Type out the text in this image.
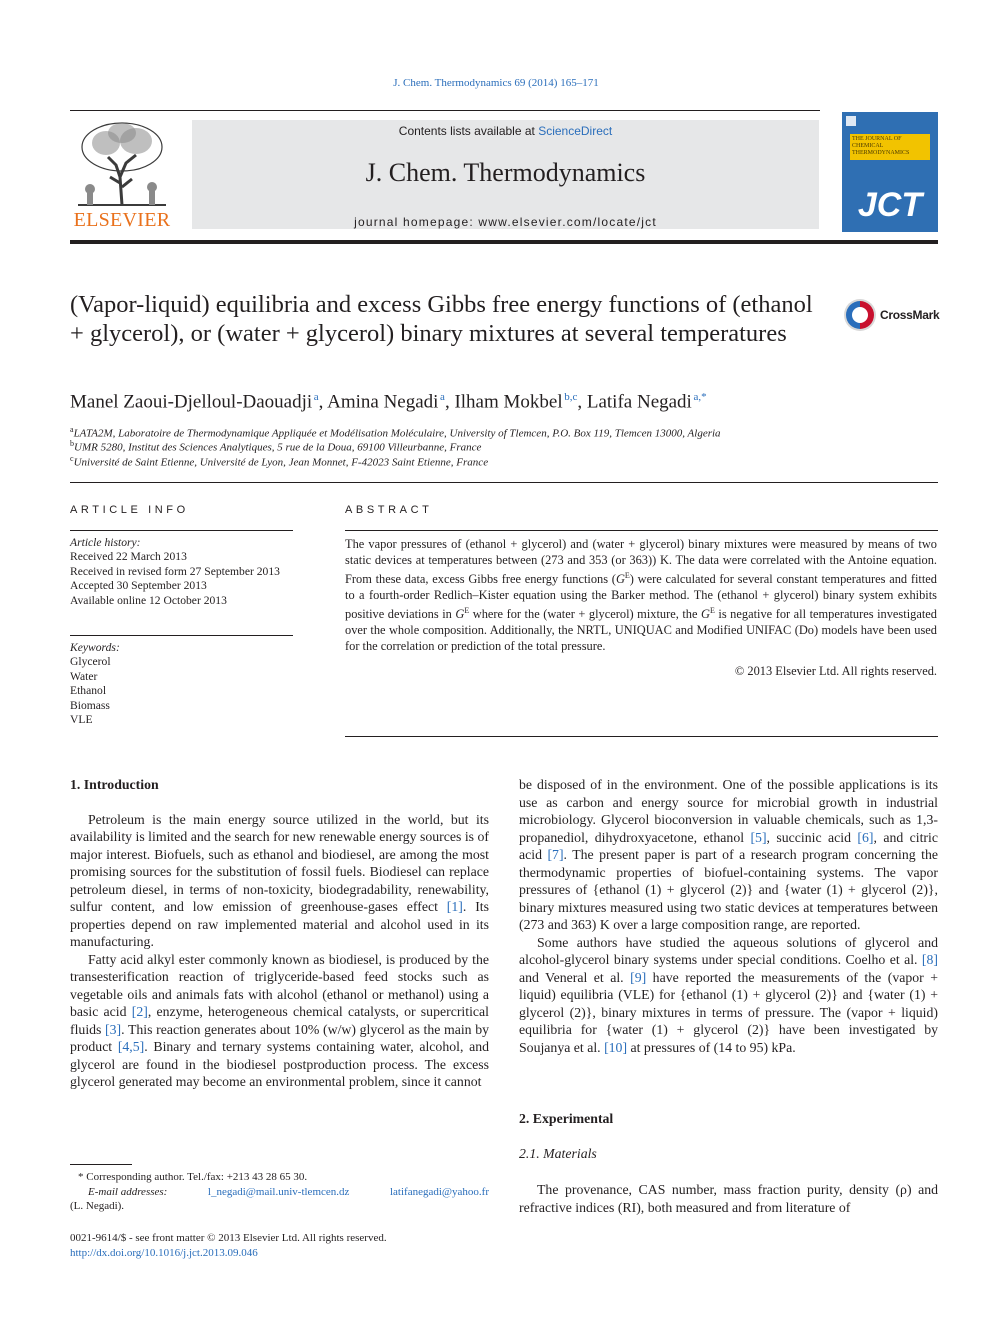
J. Chem. Thermodynamics 69 (2014) 165–171
ELSEVIER
Contents lists available at ScienceDirect
J. Chem. Thermodynamics
journal homepage: www.elsevier.com/locate/jct
THE JOURNAL OF CHEMICAL THERMODYNAMICS
JCT
(Vapor-liquid) equilibria and excess Gibbs free energy functions of (ethanol + glycerol), or (water + glycerol) binary mixtures at several temperatures
CrossMark
Manel Zaoui-Djelloul-Daouadji  $^a$, Amina Negadi  $^a$, Ilham Mokbel  $^{b,c}$, Latifa Negadi  $^{a,*}$
$^a$LATA2M, Laboratoire de Thermodynamique Appliquée et Modélisation Moléculaire, University of Tlemcen, P.O. Box 119, Tlemcen 13000, Algeria
$^b$UMR 5280, Institut des Sciences Analytiques, 5 rue de la Doua, 69100 Villeurbanne, France
$^c$Université de Saint Etienne, Université de Lyon, Jean Monnet, F-42023 Saint Etienne, France
ARTICLE INFO
Article history:
Received 22 March 2013
Received in revised form 27 September 2013
Accepted 30 September 2013
Available online 12 October 2013
Keywords:
Glycerol
Water
Ethanol
Biomass
VLE
ABSTRACT
The vapor pressures of (ethanol + glycerol) and (water + glycerol) binary mixtures were measured by means of two static devices at temperatures between (273 and 353 (or 363)) K. The data were correlated with the Antoine equation. From these data, excess Gibbs free energy functions $(G^E)$ were calculated for several constant temperatures and fitted to a fourth-order Redlich–Kister equation using the Barker method. The (ethanol + glycerol) binary system exhibits positive deviations in $G^E$ where for the (water + glycerol) mixture, the $G^E$ is negative for all temperatures investigated over the whole composition. Additionally, the NRTL, UNIQUAC and Modified UNIFAC (Do) models have been used for the correlation or prediction of the total pressure.
© 2013 Elsevier Ltd. All rights reserved.
1. Introduction

Petroleum is the main energy source utilized in the world, but its availability is limited and the search for new renewable energy sources is of major interest. Biofuels, such as ethanol and biodiesel, are among the most promising sources for the substitution of fossil fuels. Biodiesel can replace petroleum diesel, in terms of non-toxicity, biodegradability, renewability, sulfur content, and low emission of greenhouse-gases effect [1]. Its properties depend on raw implemented material and alcohol used in its manufacturing.

Fatty acid alkyl ester commonly known as biodiesel, is produced by the transesterification reaction of triglyceride-based feed stocks such as vegetable oils and animals fats with alcohol (ethanol or methanol) using a basic acid [2], enzyme, heterogeneous chemical catalysts, or supercritical fluids [3]. This reaction generates about 10% (w/w) glycerol as the main by product [4,5]. Binary and ternary systems containing water, alcohol, and glycerol are found in the biodiesel postproduction process. The excess glycerol generated may become an environmental problem, since it cannot

be disposed of in the environment. One of the possible applications is its use as carbon and energy source for microbial growth in industrial microbiology. Glycerol bioconversion in valuable chemicals, such as 1,3-propanediol, dihydroxyacetone, ethanol [5], succinic acid [6], and citric acid [7]. The present paper is part of a research program concerning the thermodynamic properties of biofuel-containing systems. The vapor pressures of {ethanol (1) + glycerol (2)} and {water (1) + glycerol (2)}, binary mixtures measured using two static devices at temperatures between (273 and 363) K over a large composition range, are reported.

Some authors have studied the aqueous solutions of glycerol and alcohol-glycerol binary systems under special conditions. Coelho et al. [8] and Veneral et al. [9] have reported the measurements of the (vapor + liquid) equilibria (VLE) for {ethanol (1) + glycerol (2)} and {water (1) + glycerol (2)}, binary mixtures in terms of pressure. The (vapor + liquid) equilibria for {water (1) + glycerol (2)} have been investigated by Soujanya et al. [10] at pressures of (14 to 95) kPa.

2. Experimental
2.1. Materials

The provenance, CAS number, mass fraction purity, density (ρ) and refractive indices (RI), both measured and from literature of

* Corresponding author. Tel./fax: +213 43 28 65 30.
E-mail addresses:	l_negadi@mail.univ-tlemcen.dz	latifanegadi@yahoo.fr
(L. Negadi).
0021-9614/$ - see front matter © 2013 Elsevier Ltd. All rights reserved.
http://dx.doi.org/10.1016/j.jct.2013.09.046
